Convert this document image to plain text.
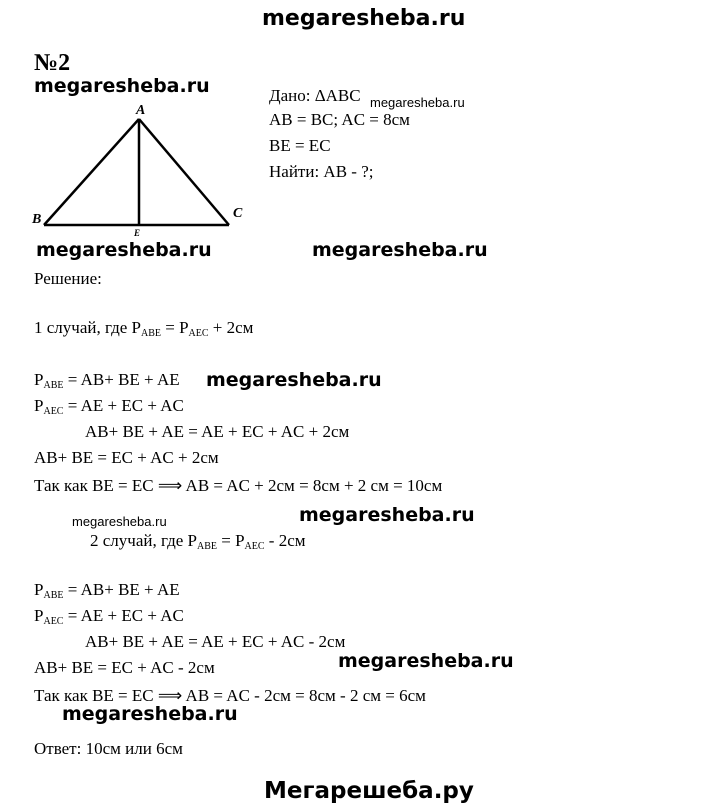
megaresheba.ru
№2
megaresheba.ru
A
B	C
E
Дано: ΔABC megaresheba.ru
AB = BC; AC = 8см
BE = EC
Найти: AB - ?;
megaresheba.ru	megaresheba.ru
Решение:
1 случай, где $P_{ABE} = P_{AEC} + 2см$
$P_{ABE} = AB+$ BE + AE megaresheba.ru
$P_{AEC}$ = AE + EC + AC
AB+ BE + AE = AE + EC + AC + 2см
AB+ BE = EC + AC + 2см
Так как BE = EC ⟹ AB = AC + 2см = 8см + 2 см = 10см
megaresheba.ru	megaresheba.ru
2 случай, где $P_{ABE} = P_{AEC} - 2см$
$P_{ABE} = AB+$ BE + AE
$P_{AEC}$ = AE + EC + AC
AB+ BE + AE = AE + EC + AC - 2см
megaresheba.ru
AB+ BE = EC + AC - 2см
Так как BE = EC ⟹ AB = AC - 2см = 8см - 2 см = 6см
megaresheba.ru
Ответ: 10см или 6см
Мегарешеба.ру
